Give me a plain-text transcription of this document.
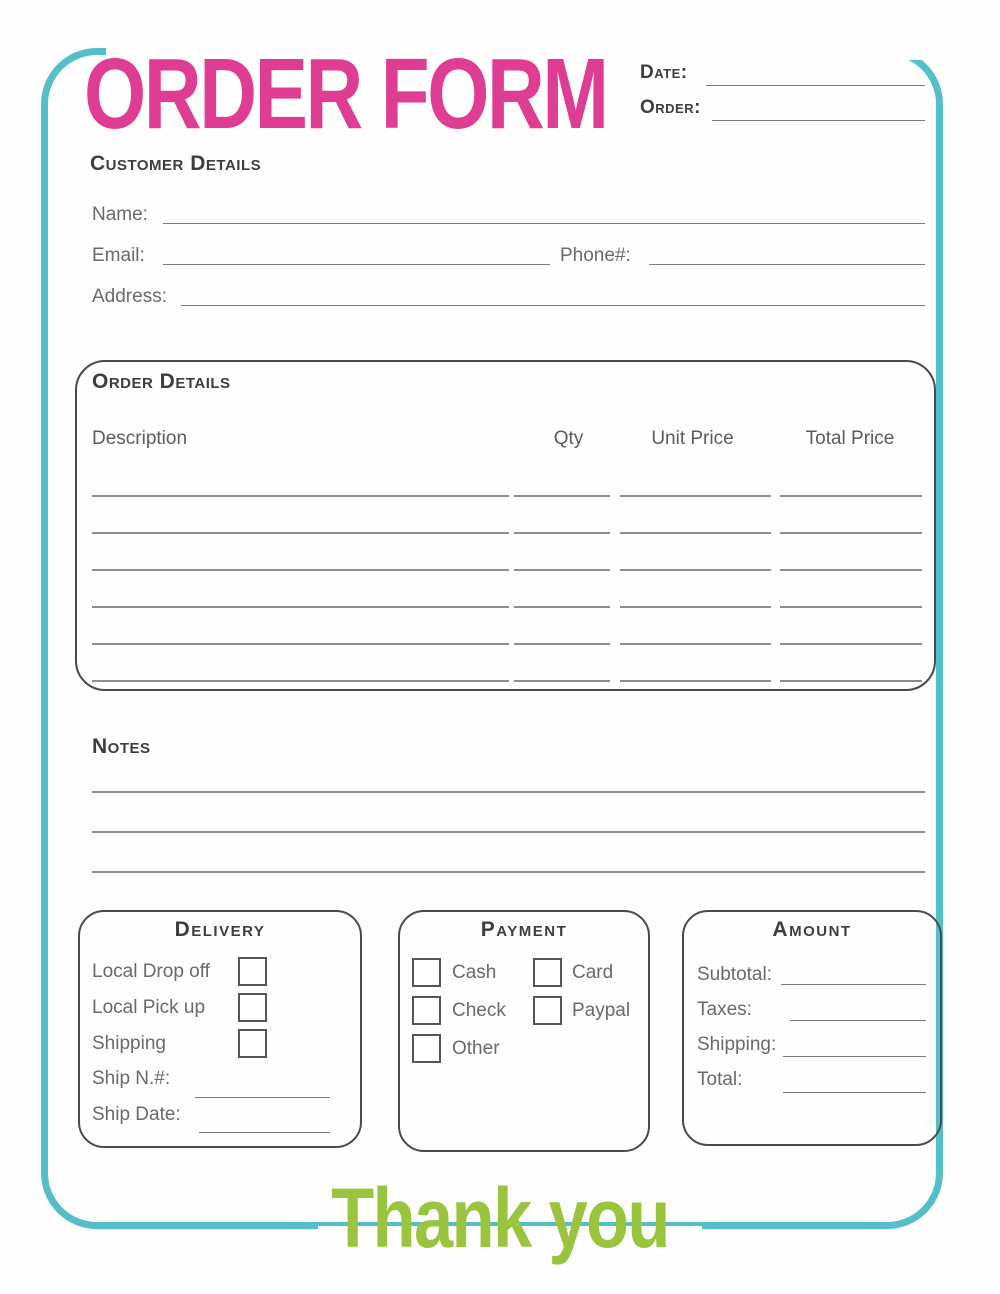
ORDER FORM Date:
Order:
Customer Details
Name:
Email:	Phone#:
Address:
Order Details
Description	Qty	Unit Price	Total Price
Notes
Delivery
Ship N.#:
Ship Date:
Payment	Amount
Thank you
Local Drop off
Local Pick up
Shipping
Cash
Check
Other
Card
Paypal
Subtotal:
Taxes:
Shipping:
Total:
